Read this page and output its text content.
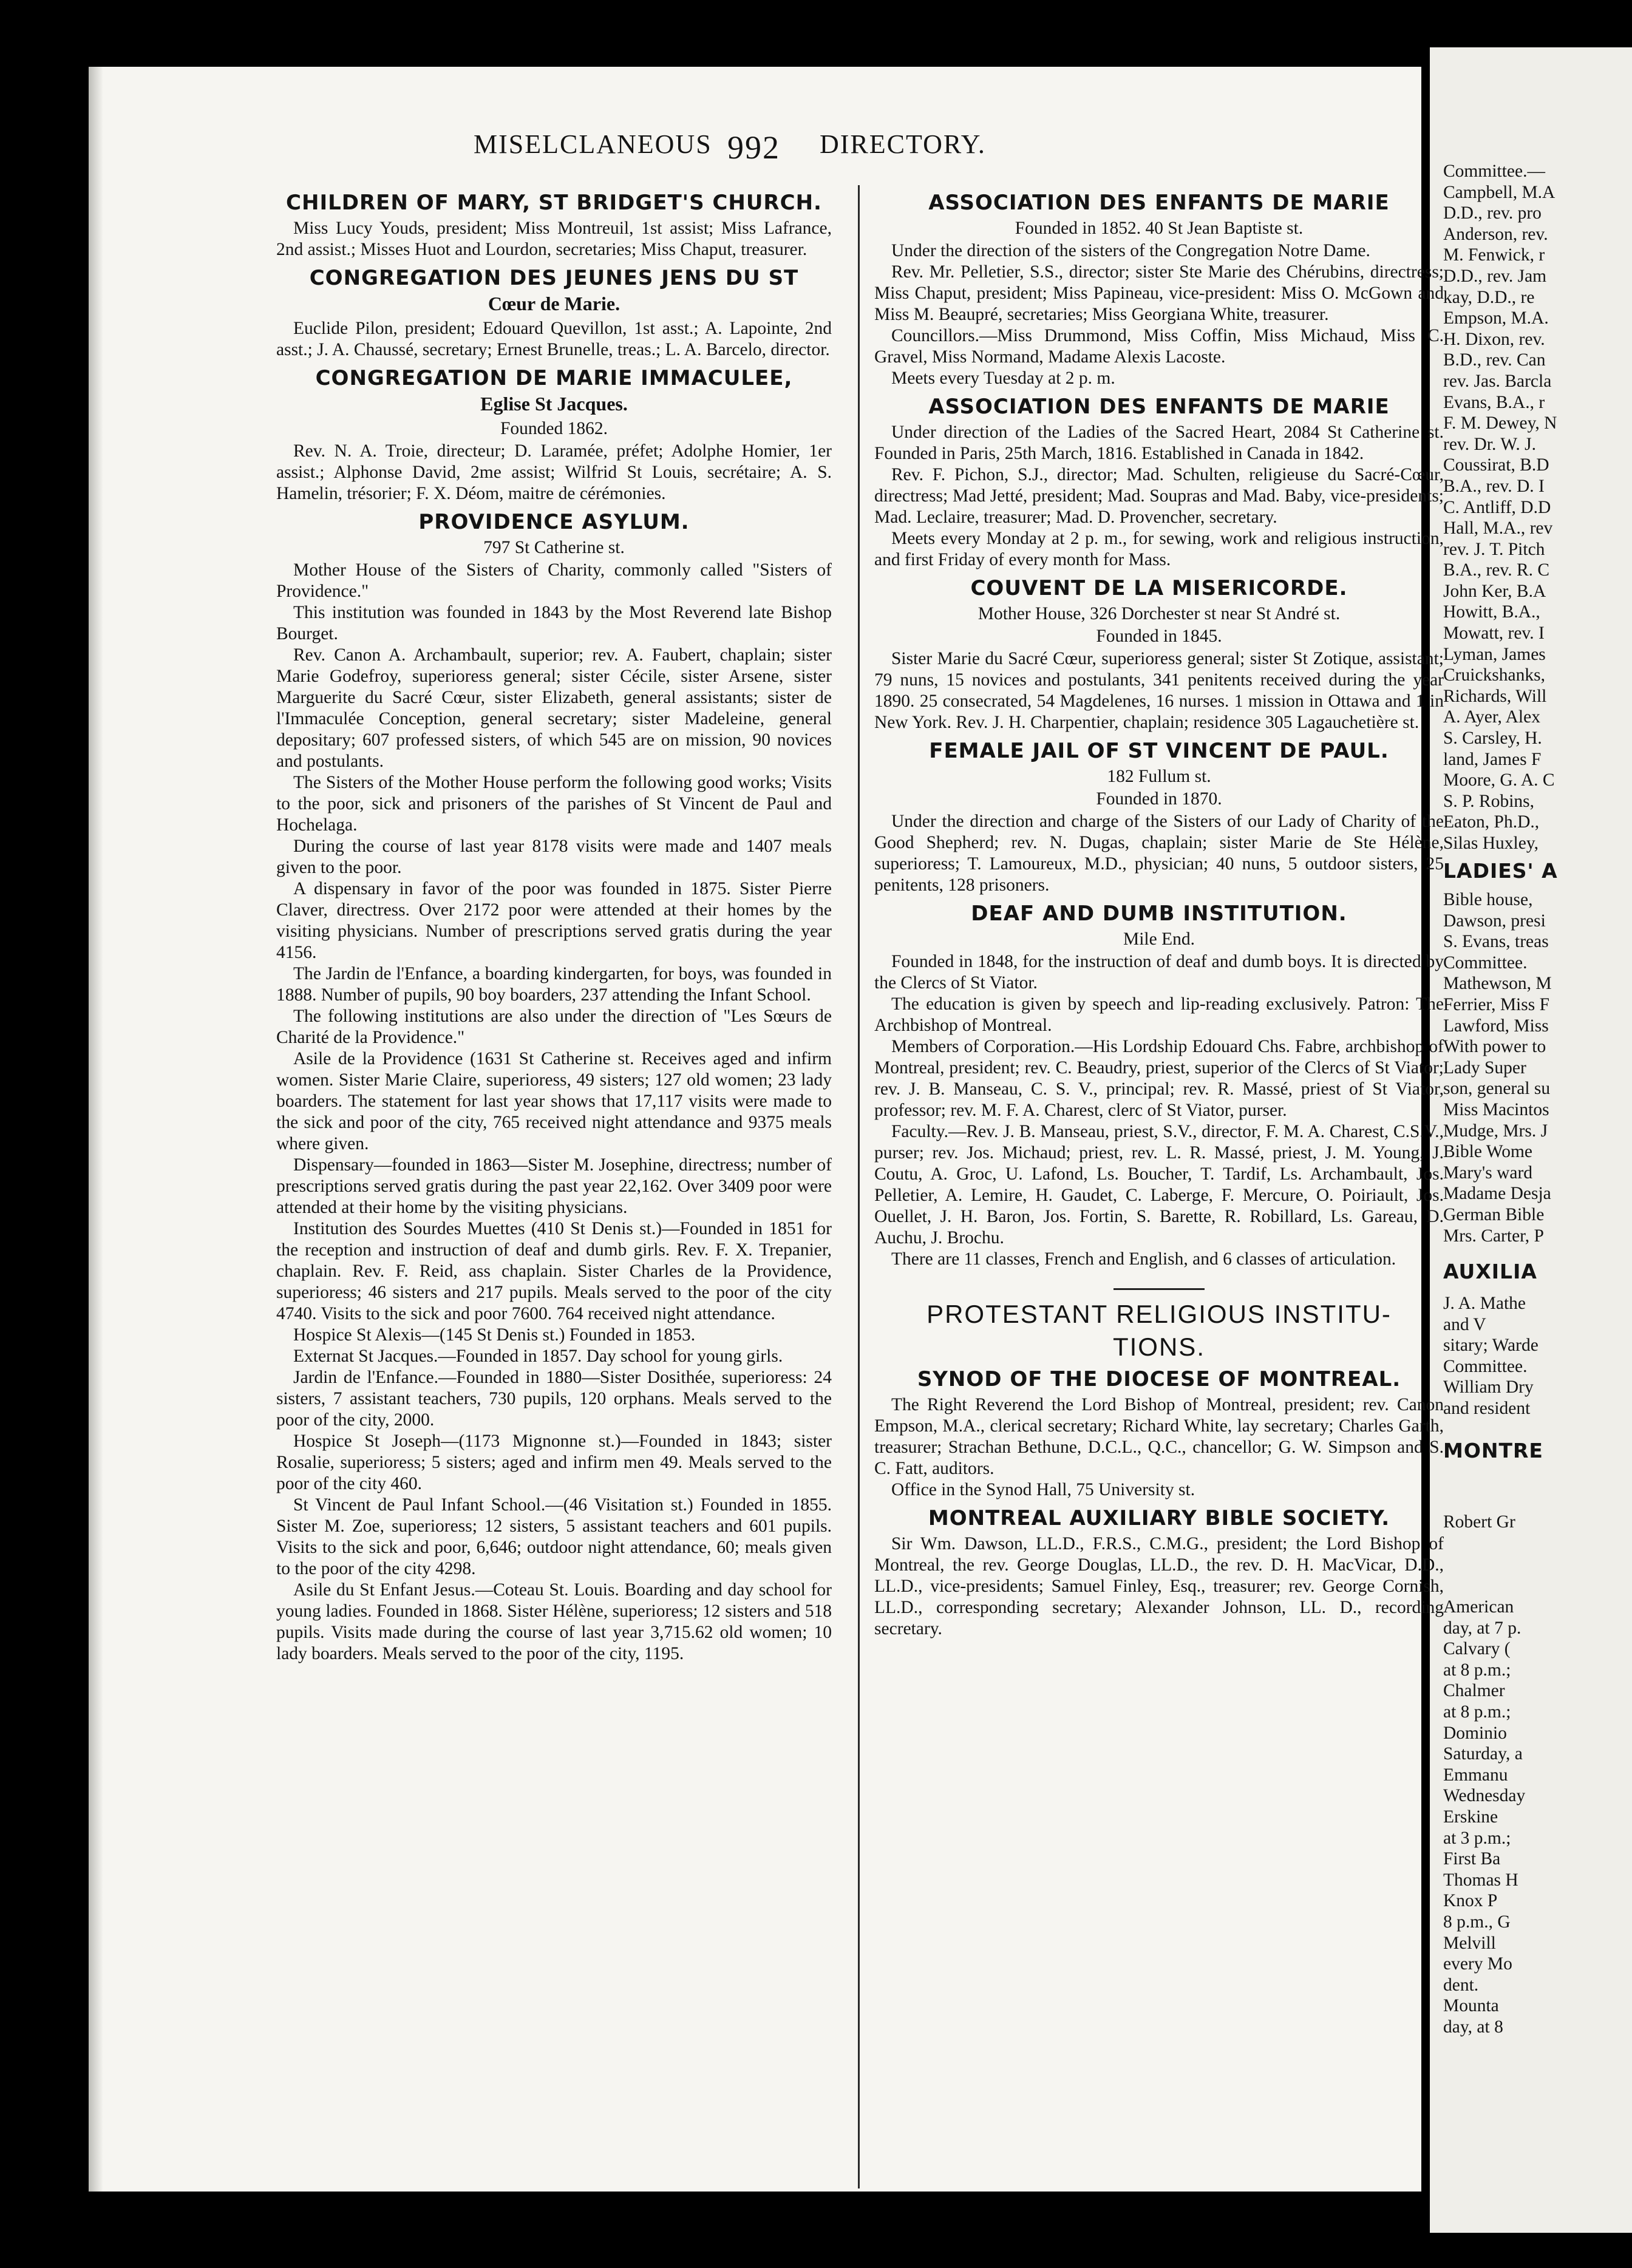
MISELCLANEOUS 992 DIRECTORY.
CHILDREN OF MARY, ST BRIDGET'S CHURCH.

Miss Lucy Youds, president; Miss Montreuil, 1st assist; Miss Lafrance, 2nd assist.; Misses Huot and Lourdon, secretaries; Miss Chaput, treasurer.

CONGREGATION DES JEUNES JENS DU ST
Cœur de Marie.

Euclide Pilon, president; Edouard Quevillon, 1st asst.; A. Lapointe, 2nd asst.; J. A. Chaussé, secretary; Ernest Brunelle, treas.; L. A. Barcelo, director.

CONGREGATION DE MARIE IMMACULEE,
Eglise St Jacques.
Founded 1862.

Rev. N. A. Troie, directeur; D. Laramée, préfet; Adolphe Homier, 1er assist.; Alphonse David, 2me assist; Wilfrid St Louis, secrétaire; A. S. Hamelin, trésorier; F. X. Déom, maitre de cérémonies.

PROVIDENCE ASYLUM.
797 St Catherine st.

Mother House of the Sisters of Charity, commonly called "Sisters of Providence."

This institution was founded in 1843 by the Most Reverend late Bishop Bourget.

Rev. Canon A. Archambault, superior; rev. A. Faubert, chaplain; sister Marie Godefroy, superioress general; sister Cécile, sister Arsene, sister Marguerite du Sacré Cœur, sister Elizabeth, general assistants; sister de l'Immaculée Conception, general secretary; sister Madeleine, general depositary; 607 professed sisters, of which 545 are on mission, 90 novices and postulants.

The Sisters of the Mother House perform the following good works; Visits to the poor, sick and prisoners of the parishes of St Vincent de Paul and Hochelaga.

During the course of last year 8178 visits were made and 1407 meals given to the poor.

A dispensary in favor of the poor was founded in 1875. Sister Pierre Claver, directress. Over 2172 poor were attended at their homes by the visiting physicians. Number of prescriptions served gratis during the year 4156.

The Jardin de l'Enfance, a boarding kindergarten, for boys, was founded in 1888. Number of pupils, 90 boy boarders, 237 attending the Infant School.

The following institutions are also under the direction of "Les Sœurs de Charité de la Providence."

Asile de la Providence (1631 St Catherine st. Receives aged and infirm women. Sister Marie Claire, superioress, 49 sisters; 127 old women; 23 lady boarders. The statement for last year shows that 17,117 visits were made to the sick and poor of the city, 765 received night attendance and 9375 meals where given.

Dispensary—founded in 1863—Sister M. Josephine, directress; number of prescriptions served gratis during the past year 22,162. Over 3409 poor were attended at their home by the visiting physicians.

Institution des Sourdes Muettes (410 St Denis st.)—Founded in 1851 for the reception and instruction of deaf and dumb girls. Rev. F. X. Trepanier, chaplain. Rev. F. Reid, ass chaplain. Sister Charles de la Providence, superioress; 46 sisters and 217 pupils. Meals served to the poor of the city 4740. Visits to the sick and poor 7600. 764 received night attendance.

Hospice St Alexis—(145 St Denis st.) Founded in 1853.

Externat St Jacques.—Founded in 1857. Day school for young girls.

Jardin de l'Enfance.—Founded in 1880—Sister Dosithée, superioress: 24 sisters, 7 assistant teachers, 730 pupils, 120 orphans. Meals served to the poor of the city, 2000.

Hospice St Joseph—(1173 Mignonne st.)—Founded in 1843; sister Rosalie, superioress; 5 sisters; aged and infirm men 49. Meals served to the poor of the city 460.

St Vincent de Paul Infant School.—(46 Visitation st.) Founded in 1855. Sister M. Zoe, superioress; 12 sisters, 5 assistant teachers and 601 pupils. Visits to the sick and poor, 6,646; outdoor night attendance, 60; meals given to the poor of the city 4298.

Asile du St Enfant Jesus.—Coteau St. Louis. Boarding and day school for young ladies. Founded in 1868. Sister Hélène, superioress; 12 sisters and 518 pupils. Visits made during the course of last year 3,715.62 old women; 10 lady boarders. Meals served to the poor of the city, 1195.

ASSOCIATION DES ENFANTS DE MARIE
Founded in 1852. 40 St Jean Baptiste st.

Under the direction of the sisters of the Congregation Notre Dame.

Rev. Mr. Pelletier, S.S., director; sister Ste Marie des Chérubins, directress; Miss Chaput, president; Miss Papineau, vice-president: Miss O. McGown and Miss M. Beaupré, secretaries; Miss Georgiana White, treasurer.

Councillors.—Miss Drummond, Miss Coffin, Miss Michaud, Miss C. Gravel, Miss Normand, Madame Alexis Lacoste.

Meets every Tuesday at 2 p. m.

ASSOCIATION DES ENFANTS DE MARIE

Under direction of the Ladies of the Sacred Heart, 2084 St Catherine st. Founded in Paris, 25th March, 1816. Established in Canada in 1842.

Rev. F. Pichon, S.J., director; Mad. Schulten, religieuse du Sacré-Cœur, directress; Mad Jetté, president; Mad. Soupras and Mad. Baby, vice-presidents; Mad. Leclaire, treasurer; Mad. D. Provencher, secretary.

Meets every Monday at 2 p. m., for sewing, work and religious instruction, and first Friday of every month for Mass.

COUVENT DE LA MISERICORDE.
Mother House, 326 Dorchester st near St André st.
Founded in 1845.

Sister Marie du Sacré Cœur, superioress general; sister St Zotique, assistant; 79 nuns, 15 novices and postulants, 341 penitents received during the year 1890. 25 consecrated, 54 Magdelenes, 16 nurses. 1 mission in Ottawa and 1 in New York. Rev. J. H. Charpentier, chaplain; residence 305 Lagauchetière st.

FEMALE JAIL OF ST VINCENT DE PAUL.
182 Fullum st.
Founded in 1870.

Under the direction and charge of the Sisters of our Lady of Charity of the Good Shepherd; rev. N. Dugas, chaplain; sister Marie de Ste Hélène, superioress; T. Lamoureux, M.D., physician; 40 nuns, 5 outdoor sisters, 25 penitents, 128 prisoners.

DEAF AND DUMB INSTITUTION.
Mile End.

Founded in 1848, for the instruction of deaf and dumb boys. It is directed by the Clercs of St Viator.

The education is given by speech and lip-reading exclusively. Patron: The Archbishop of Montreal.

Members of Corporation.—His Lordship Edouard Chs. Fabre, archbishop of Montreal, president; rev. C. Beaudry, priest, superior of the Clercs of St Viator; rev. J. B. Manseau, C. S. V., principal; rev. R. Massé, priest of St Viator, professor; rev. M. F. A. Charest, clerc of St Viator, purser.

Faculty.—Rev. J. B. Manseau, priest, S.V., director, F. M. A. Charest, C.S.V., purser; rev. Jos. Michaud; priest, rev. L. R. Massé, priest, J. M. Young, J. Coutu, A. Groc, U. Lafond, Ls. Boucher, T. Tardif, Ls. Archambault, Jos. Pelletier, A. Lemire, H. Gaudet, C. Laberge, F. Mercure, O. Poiriault, Jos. Ouellet, J. H. Baron, Jos. Fortin, S. Barette, R. Robillard, Ls. Gareau, D. Auchu, J. Brochu.

There are 11 classes, French and English, and 6 classes of articulation.

PROTESTANT RELIGIOUS INSTITU-
TIONS.
SYNOD OF THE DIOCESE OF MONTREAL.

The Right Reverend the Lord Bishop of Montreal, president; rev. Canon Empson, M.A., clerical secretary; Richard White, lay secretary; Charles Garth, treasurer; Strachan Bethune, D.C.L., Q.C., chancellor; G. W. Simpson and S. C. Fatt, auditors.

Office in the Synod Hall, 75 University st.

MONTREAL AUXILIARY BIBLE SOCIETY.

Sir Wm. Dawson, LL.D., F.R.S., C.M.G., president; the Lord Bishop of Montreal, the rev. George Douglas, LL.D., the rev. D. H. MacVicar, D.D., LL.D., vice-presidents; Samuel Finley, Esq., treasurer; rev. George Cornish, LL.D., corresponding secretary; Alexander Johnson, LL. D., recording secretary.

Committee.—
Campbell, M.A
D.D., rev. pro
Anderson, rev.
M. Fenwick, r
D.D., rev. Jam
kay, D.D., re
Empson, M.A.
H. Dixon, rev.
B.D., rev. Can
rev. Jas. Barcla
Evans, B.A., r
F. M. Dewey, N
rev. Dr. W. J.
Coussirat, B.D
B.A., rev. D. I
C. Antliff, D.D
Hall, M.A., rev
rev. J. T. Pitch
B.A., rev. R. C
John Ker, B.A
Howitt, B.A.,
Mowatt, rev. I
Lyman, James
Cruickshanks,
Richards, Will
A. Ayer, Alex
S. Carsley, H.
land, James F
Moore, G. A. C
S. P. Robins,
Eaton, Ph.D.,
Silas Huxley,
LADIES' A
Bible house,
Dawson, presi
S. Evans, treas
Committee.
Mathewson, M
Ferrier, Miss F
Lawford, Miss
With power to
Lady Super
son, general su
Miss Macintos
Mudge, Mrs. J
Bible Wome
Mary's ward
Madame Desja
German Bible
Mrs. Carter, P
AUXILIA
J. A. Mathe
and V
sitary; Warde
Committee.
William Dry
and resident
MONTRE
Robert Gr
American
day, at 7 p.
Calvary (
at 8 p.m.;
Chalmer
at 8 p.m.;
Dominio
Saturday, a
Emmanu
Wednesday
Erskine
at 3 p.m.;
First Ba
Thomas H
Knox P
8 p.m., G
Melvill
every Mo
dent.
Mounta
day, at 8
